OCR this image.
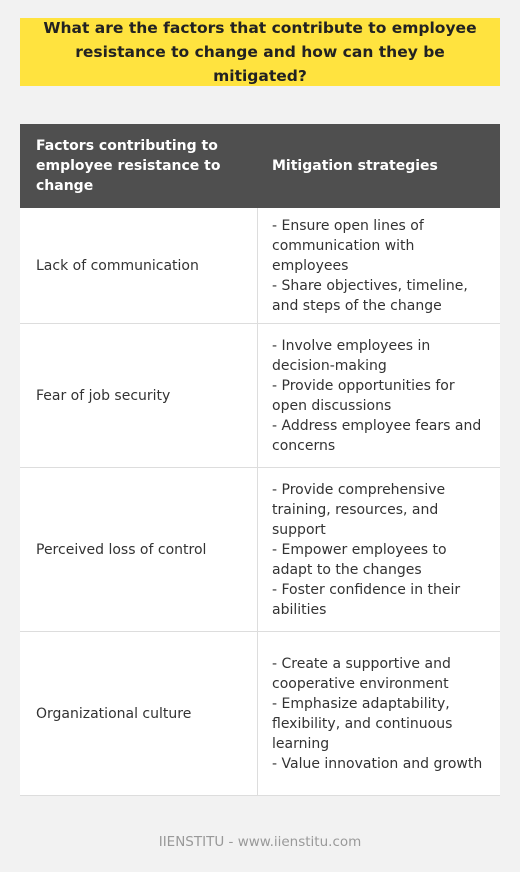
What are the factors that contribute to employee resistance to change and how can they be mitigated?
Factors contributing to employee resistance to change
Mitigation strategies
Lack of communication
- Ensure open lines of communication with employees
- Share objectives, timeline, and steps of the change
Fear of job security
- Involve employees in decision-making
- Provide opportunities for open discussions
- Address employee fears and concerns
Perceived loss of control
- Provide comprehensive training, resources, and support
- Empower employees to adapt to the changes
- Foster confidence in their abilities
Organizational culture
- Create a supportive and cooperative environment
- Emphasize adaptability, flexibility, and continuous learning
- Value innovation and growth
IIENSTITU - www.iienstitu.com
